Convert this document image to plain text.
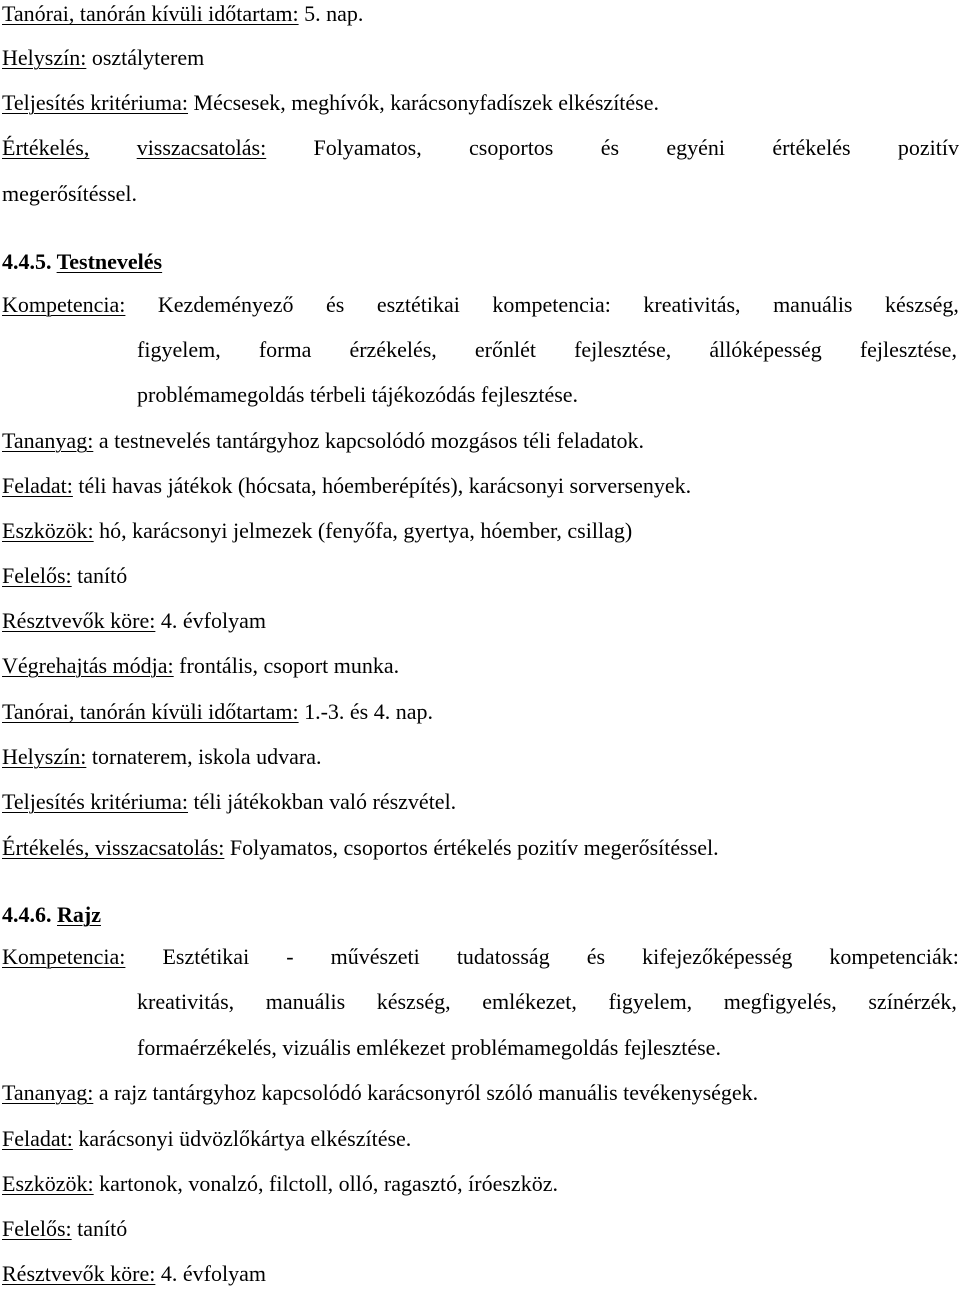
Tanórai, tanórán kívüli időtartam: 5. nap.
Helyszín: osztályterem
Teljesítés kritériuma: Mécsesek, meghívók, karácsonyfadíszek elkészítése.
Értékelés, visszacsatolás: Folyamatos, csoportos és egyéni értékelés pozitív
megerősítéssel.
4.4.5. Testnevelés
Kompetencia: Kezdeményező és esztétikai kompetencia: kreativitás, manuális készség,
figyelem, forma érzékelés, erőnlét fejlesztése, állóképesség fejlesztése,
problémamegoldás térbeli tájékozódás fejlesztése.
Tananyag: a testnevelés tantárgyhoz kapcsolódó mozgásos téli feladatok.
Feladat: téli havas játékok (hócsata, hóemberépítés), karácsonyi sorversenyek.
Eszközök: hó, karácsonyi jelmezek (fenyőfa, gyertya, hóember, csillag)
Felelős: tanító
Résztvevők köre: 4. évfolyam
Végrehajtás módja: frontális, csoport munka.
Tanórai, tanórán kívüli időtartam: 1.-3. és 4. nap.
Helyszín: tornaterem, iskola udvara.
Teljesítés kritériuma: téli játékokban való részvétel.
Értékelés, visszacsatolás: Folyamatos, csoportos értékelés pozitív megerősítéssel.
4.4.6. Rajz
Kompetencia: Esztétikai - művészeti tudatosság és kifejezőképesség kompetenciák:
kreativitás, manuális készség, emlékezet, figyelem, megfigyelés, színérzék,
formaérzékelés, vizuális emlékezet problémamegoldás fejlesztése.
Tananyag: a rajz tantárgyhoz kapcsolódó karácsonyról szóló manuális tevékenységek.
Feladat: karácsonyi üdvözlőkártya elkészítése.
Eszközök: kartonok, vonalzó, filctoll, olló, ragasztó, íróeszköz.
Felelős: tanító
Résztvevők köre: 4. évfolyam
